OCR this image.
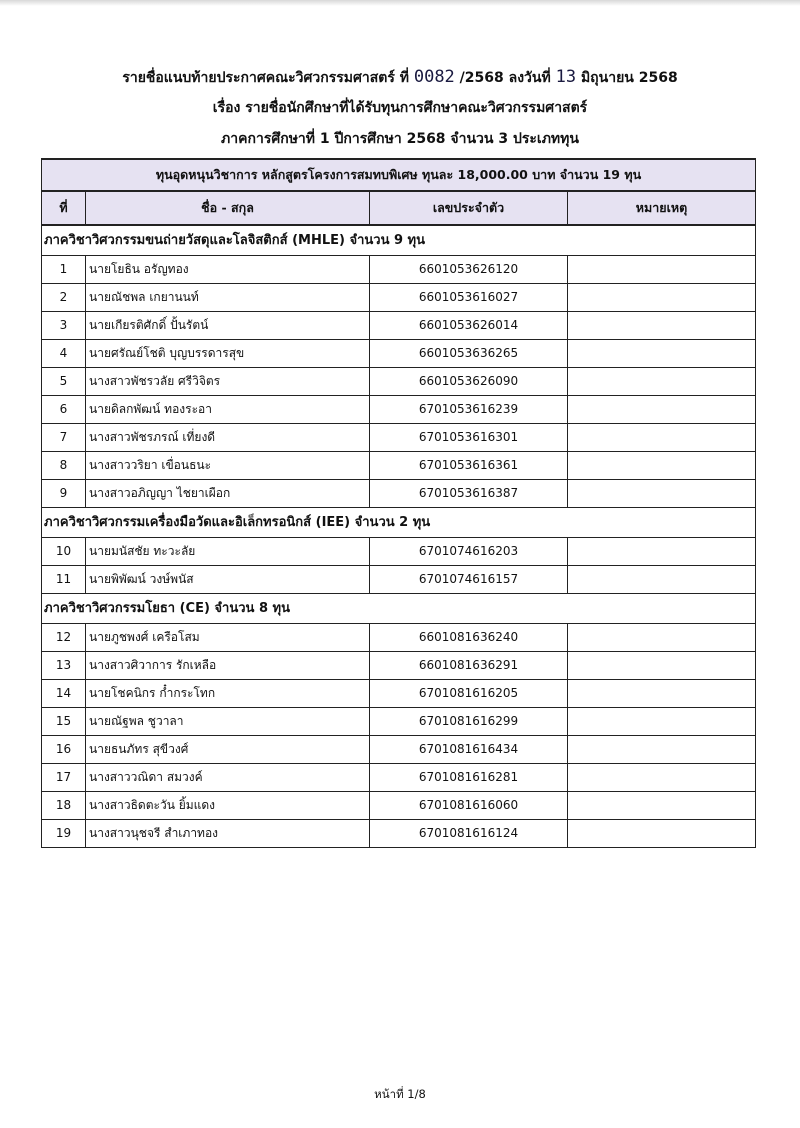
รายชื่อแนบท้ายประกาศคณะวิศวกรรมศาสตร์ ที่ 0082 /2568 ลงวันที่ 13 มิถุนายน 2568
เรื่อง รายชื่อนักศึกษาที่ได้รับทุนการศึกษาคณะวิศวกรรมศาสตร์
ภาคการศึกษาที่ 1 ปีการศึกษา 2568 จำนวน 3 ประเภททุน
ทุนอุดหนุนวิชาการ หลักสูตรโครงการสมทบพิเศษ ทุนละ 18,000.00 บาท จำนวน 19 ทุน			
ที่	ชื่อ - สกุล	เลขประจำตัว	หมายเหตุ
ภาควิชาวิศวกรรมขนถ่ายวัสดุและโลจิสติกส์ (MHLE) จำนวน 9 ทุน			
1	นายโยธิน อรัญทอง	6601053626120	
2	นายณัชพล เกยานนท์	6601053616027	
3	นายเกียรติศักดิ์ ปั้นรัตน์	6601053626014	
4	นายศรัณย์โชติ บุญบรรดารสุข	6601053636265	
5	นางสาวพัชรวลัย ศรีวิจิตร	6601053626090	
6	นายดิลกพัฒน์ ทองระอา	6701053616239	
7	นางสาวพัชรภรณ์ เที่ยงดี	6701053616301	
8	นางสาววริยา เขื่อนธนะ	6701053616361	
9	นางสาวอภิญญา ไชยาเผือก	6701053616387	
ภาควิชาวิศวกรรมเครื่องมือวัดและอิเล็กทรอนิกส์ (IEE) จำนวน 2 ทุน			
10	นายมนัสชัย ทะวะลัย	6701074616203	
11	นายพิพัฒน์ วงษ์พนัส	6701074616157	
ภาควิชาวิศวกรรมโยธา (CE) จำนวน 8 ทุน			
12	นายภูชพงศ์ เครือโสม	6601081636240	
13	นางสาวศิวาการ รักเหลือ	6601081636291	
14	นายโชคนิกร ก๋ำกระโทก	6701081616205	
15	นายณัฐพล ชูวาลา	6701081616299	
16	นายธนภัทร สุขีวงศ์	6701081616434	
17	นางสาววณิดา สมวงค์	6701081616281	
18	นางสาวธิดตะวัน ยิ้มแดง	6701081616060	
19	นางสาวนุชจรี สำเภาทอง	6701081616124	
หน้าที่ 1/8
